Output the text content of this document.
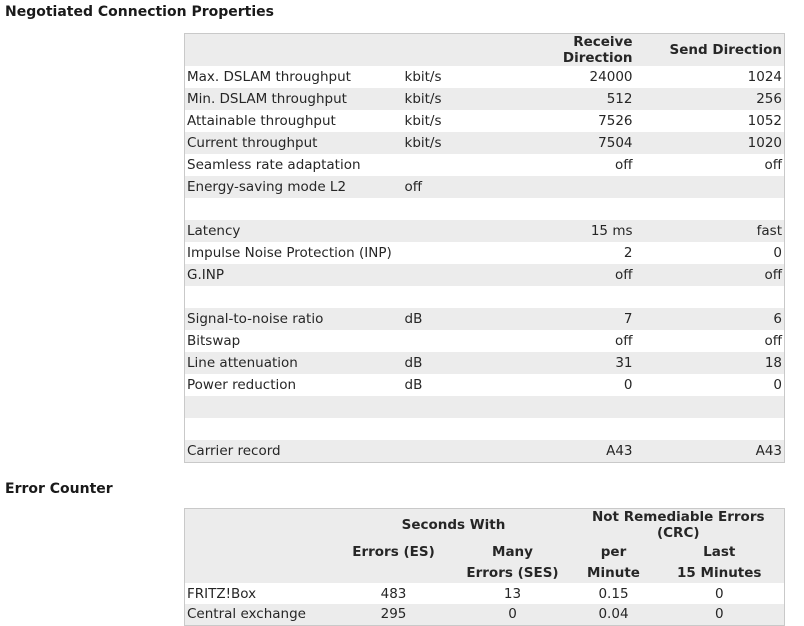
Negotiated Connection Properties
		Receive Direction	Send Direction
Max. DSLAM throughput	kbit/s	24000	1024
Min. DSLAM throughput	kbit/s	512	256
Attainable throughput	kbit/s	7526	1052
Current throughput	kbit/s	7504	1020
Seamless rate adaptation		off	off
Energy-saving mode L2	off		

Latency		15 ms	fast
Impulse Noise Protection (INP)		2	0
G.INP		off	off

Signal-to-noise ratio	dB	7	6
Bitswap		off	off
Line attenuation	dB	31	18
Power reduction	dB	0	0

Carrier record		A43	A43
Error Counter
	Seconds With		Not Remediable Errors (CRC)	
	Errors (ES)	Many	per	Last
		Errors (SES)	Minute	15 Minutes
FRITZ!Box	483	13	0.15	0
Central exchange	295	0	0.04	0
